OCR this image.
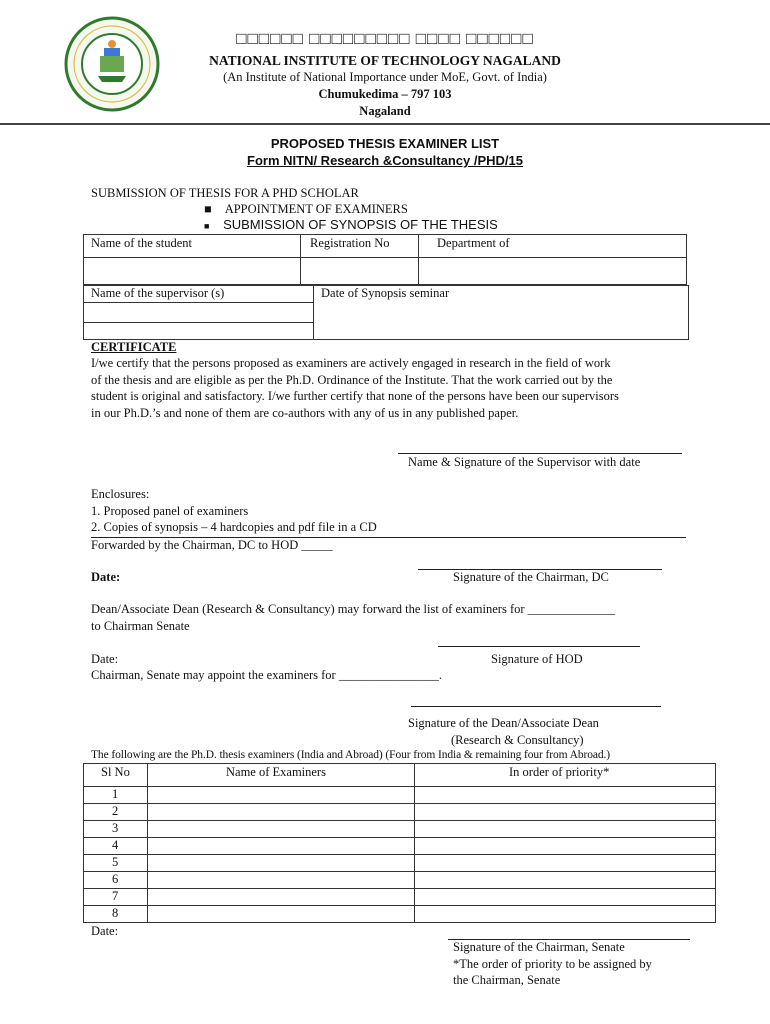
□□□□□□ □□□□□□□□□ □□□□ □□□□□□
NATIONAL INSTITUTE OF TECHNOLOGY NAGALAND
(An Institute of National Importance under MoE, Govt. of India)
Chumukedima – 797 103
Nagaland
PROPOSED THESIS EXAMINER LIST
Form NITN/ Research &Consultancy /PHD/15
SUBMISSION OF THESIS FOR A PHD SCHOLAR
■ APPOINTMENT OF EXAMINERS
■ SUBMISSION OF SYNOPSIS OF THE THESIS
Name of the student	Registration No	Department of
Name of the supervisor (s)	Date of Synopsis seminar
CERTIFICATE
I/we certify that the persons proposed as examiners are actively engaged in research in the field of work
of the thesis and are eligible as per the Ph.D. Ordinance of the Institute. That the work carried out by the
student is original and satisfactory. I/we further certify that none of the persons have been our supervisors
in our Ph.D.’s and none of them are co-authors with any of us in any published paper.
Name & Signature of the Supervisor with date
Enclosures:
1. Proposed panel of examiners
2. Copies of synopsis – 4 hardcopies and pdf file in a CD
Forwarded by the Chairman, DC to HOD _____
Date:	Signature of the Chairman, DC
Dean/Associate Dean (Research & Consultancy) may forward the list of examiners for ______________
to Chairman Senate
Date:	Signature of HOD
Chairman, Senate may appoint the examiners for ________________.
Signature of the Dean/Associate Dean
(Research & Consultancy)
The following are the Ph.D. thesis examiners (India and Abroad) (Four from India & remaining four from Abroad.)
Sl No	Name of Examiners	In order of priority*
1
2
3
4
5
6
7
8
Date:
Signature of the Chairman, Senate
*The order of priority to be assigned by
the Chairman, Senate
